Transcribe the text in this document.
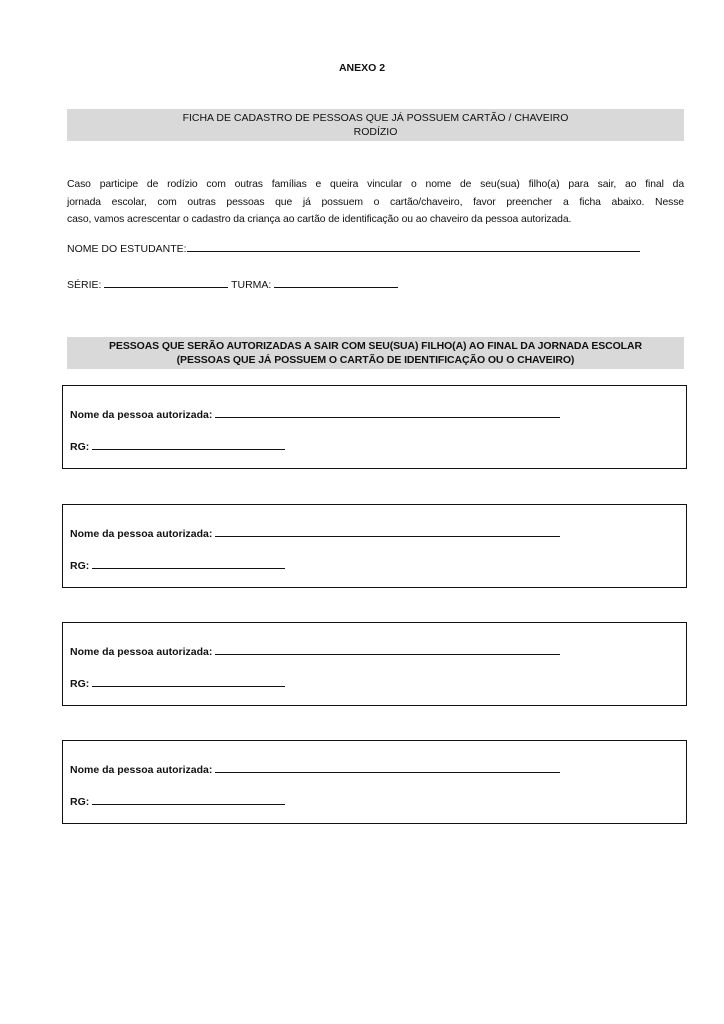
ANEXO 2
FICHA DE CADASTRO DE PESSOAS QUE JÁ POSSUEM CARTÃO / CHAVEIRO
RODÍZIO
Caso participe de rodízio com outras famílias e queira vincular o nome de seu(sua) filho(a) para sair, ao final da
jornada escolar, com outras pessoas que já possuem o cartão/chaveiro, favor preencher a ficha abaixo. Nesse
caso, vamos acrescentar o cadastro da criança ao cartão de identificação ou ao chaveiro da pessoa autorizada.
NOME DO ESTUDANTE:
SÉRIE:	TURMA:
PESSOAS QUE SERÃO AUTORIZADAS A SAIR COM SEU(SUA) FILHO(A) AO FINAL DA JORNADA ESCOLAR
(PESSOAS QUE JÁ POSSUEM O CARTÃO DE IDENTIFICAÇÃO OU O CHAVEIRO)
Nome da pessoa autorizada:
RG:
Nome da pessoa autorizada:
RG:
Nome da pessoa autorizada:
RG:
Nome da pessoa autorizada:
RG:
